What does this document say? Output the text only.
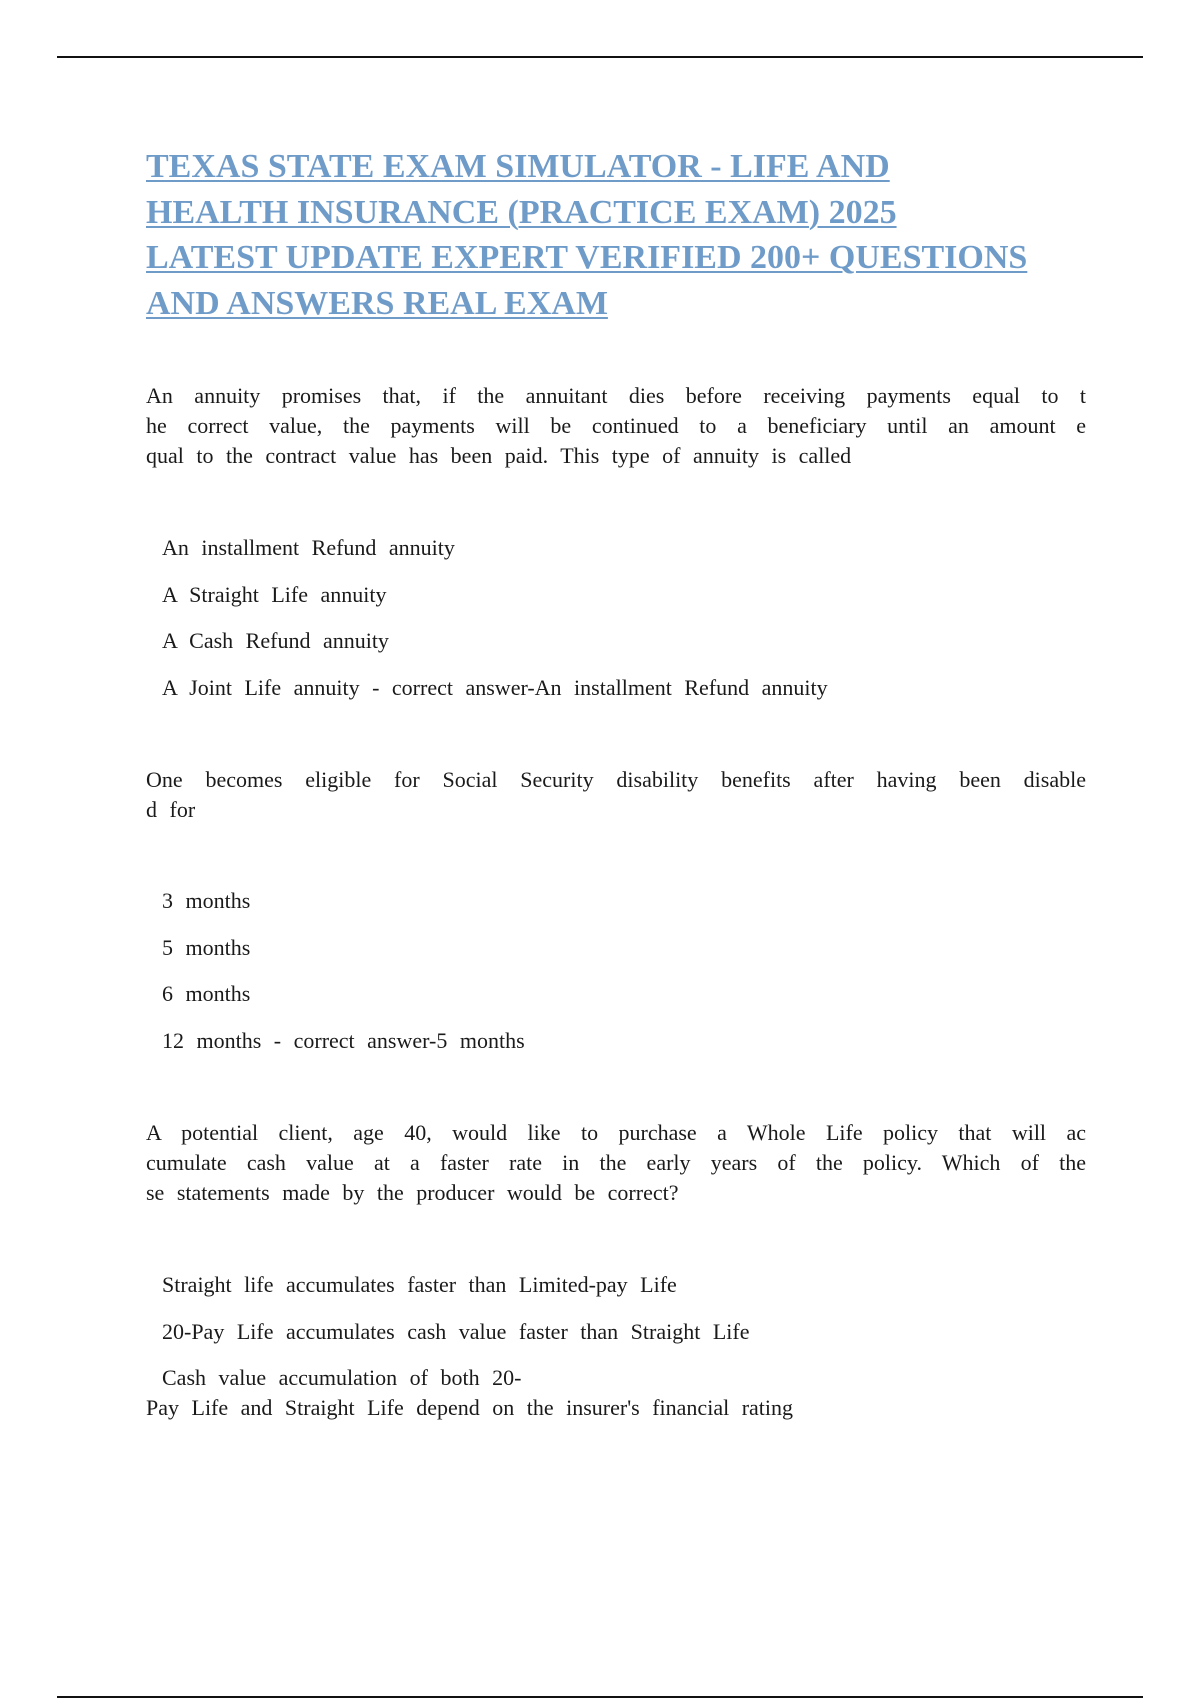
TEXAS STATE EXAM SIMULATOR - LIFE AND
HEALTH INSURANCE (PRACTICE EXAM) 2025
LATEST UPDATE EXPERT VERIFIED 200+ QUESTIONS
AND ANSWERS REAL EXAM

An annuity promises that, if the annuitant dies before receiving payments equal to t
he correct value, the payments will be continued to a beneficiary until an amount e
qual to the contract value has been paid. This type of annuity is called

An installment Refund annuity
A Straight Life annuity
A Cash Refund annuity
A Joint Life annuity - correct answer-An installment Refund annuity

One becomes eligible for Social Security disability benefits after having been disable
d for

3 months
5 months
6 months
12 months - correct answer-5 months

A potential client, age 40, would like to purchase a Whole Life policy that will ac
cumulate cash value at a faster rate in the early years of the policy. Which of the
se statements made by the producer would be correct?

Straight life accumulates faster than Limited-pay Life
20-Pay Life accumulates cash value faster than Straight Life
Cash value accumulation of both 20-
Pay Life and Straight Life depend on the insurer's financial rating
